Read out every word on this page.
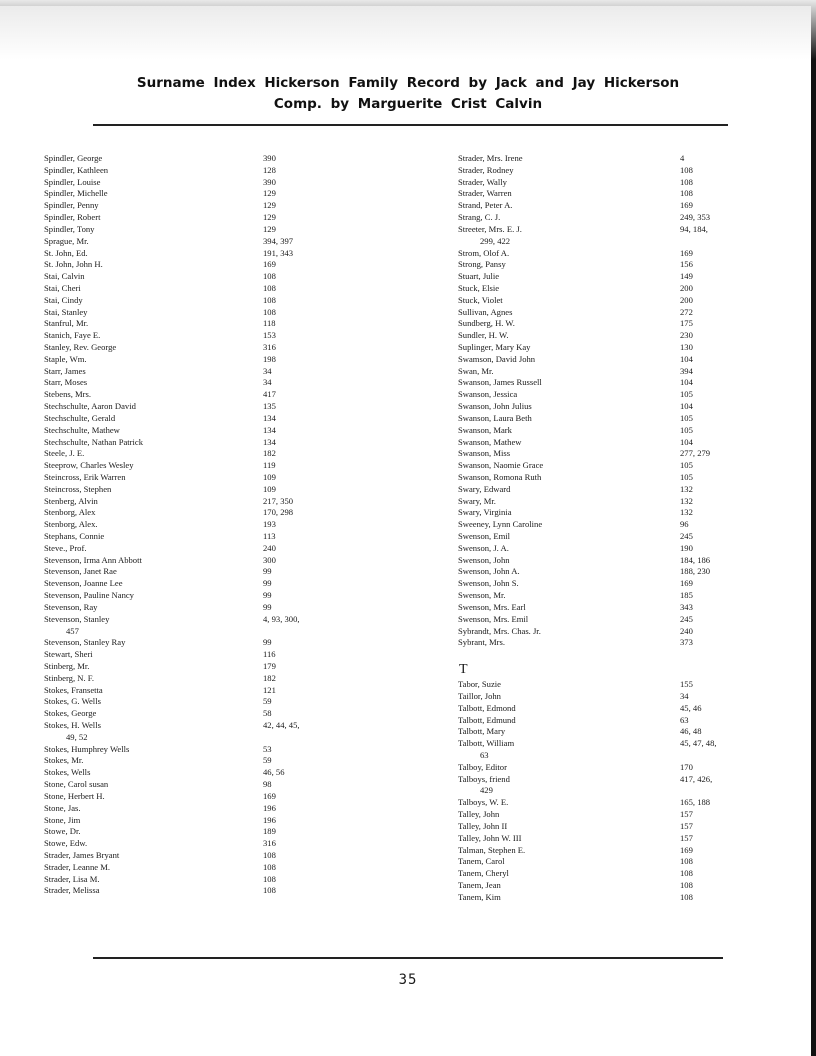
Surname Index Hickerson Family Record by Jack and Jay Hickerson
Comp. by Marguerite Crist Calvin
Spindler, George	390
Spindler, Kathleen	128
Spindler, Louise	390
Spindler, Michelle	129
Spindler, Penny	129
Spindler, Robert	129
Spindler, Tony	129
Sprague, Mr.	394, 397
St. John, Ed.	191, 343
St. John, John H.	169
Stai, Calvin	108
Stai, Cheri	108
Stai, Cindy	108
Stai, Stanley	108
Stanfrul, Mr.	118
Stanich, Faye E.	153
Stanley, Rev. George	316
Staple, Wm.	198
Starr, James	34
Starr, Moses	34
Stebens, Mrs.	417
Stechschulte, Aaron David	135
Stechschulte, Gerald	134
Stechschulte, Mathew	134
Stechschulte, Nathan Patrick	134
Steele, J. E.	182
Steeprow, Charles Wesley	119
Steincross, Erik Warren	109
Steincross, Stephen	109
Stenberg, Alvin	217, 350
Stenborg, Alex	170, 298
Stenborg, Alex.	193
Stephans, Connie	113
Steve., Prof.	240
Stevenson, Irma Ann Abbott	300
Stevenson, Janet Rae	99
Stevenson, Joanne Lee	99
Stevenson, Pauline Nancy	99
Stevenson, Ray	99
Stevenson, Stanley	4, 93, 300,
457
Stevenson, Stanley Ray	99
Stewart, Sheri	116
Stinberg, Mr.	179
Stinberg, N. F.	182
Stokes, Fransetta	121
Stokes, G. Wells	59
Stokes, George	58
Stokes, H. Wells	42, 44, 45,
49, 52
Stokes, Humphrey Wells	53
Stokes, Mr.	59
Stokes, Wells	46, 56
Stone, Carol susan	98
Stone, Herbert H.	169
Stone, Jas.	196
Stone, Jim	196
Stowe, Dr.	189
Stowe, Edw.	316
Strader, James Bryant	108
Strader, Leanne M.	108
Strader, Lisa M.	108
Strader, Melissa	108
Strader, Mrs. Irene	4
Strader, Rodney	108
Strader, Wally	108
Strader, Warren	108
Strand, Peter A.	169
Strang, C. J.	249, 353
Streeter, Mrs. E. J.	94, 184,
299, 422
Strom, Olof A.	169
Strong, Pansy	156
Stuart, Julie	149
Stuck, Elsie	200
Stuck, Violet	200
Sullivan, Agnes	272
Sundberg, H. W.	175
Sundler, H. W.	230
Suplinger, Mary Kay	130
Swamson, David John	104
Swan, Mr.	394
Swanson, James Russell	104
Swanson, Jessica	105
Swanson, John Julius	104
Swanson, Laura Beth	105
Swanson, Mark	105
Swanson, Mathew	104
Swanson, Miss	277, 279
Swanson, Naomie Grace	105
Swanson, Romona Ruth	105
Swary, Edward	132
Swary, Mr.	132
Swary, Virginia	132
Sweeney, Lynn Caroline	96
Swenson, Emil	245
Swenson, J. A.	190
Swenson, John	184, 186
Swenson, John A.	188, 230
Swenson, John S.	169
Swenson, Mr.	185
Swenson, Mrs. Earl	343
Swenson, Mrs. Emil	245
Sybrandt, Mrs. Chas. Jr.	240
Sybrant, Mrs.	373
T
Tabor, Suzie	155
Taillor, John	34
Talbott, Edmond	45, 46
Talbott, Edmund	63
Talbott, Mary	46, 48
Talbott, William	45, 47, 48,
63
Talboy, Editor	170
Talboys, friend	417, 426,
429
Talboys, W. E.	165, 188
Talley, John	157
Talley, John II	157
Talley, John W. III	157
Talman, Stephen E.	169
Tanem, Carol	108
Tanem, Cheryl	108
Tanem, Jean	108
Tanem, Kim	108
35
